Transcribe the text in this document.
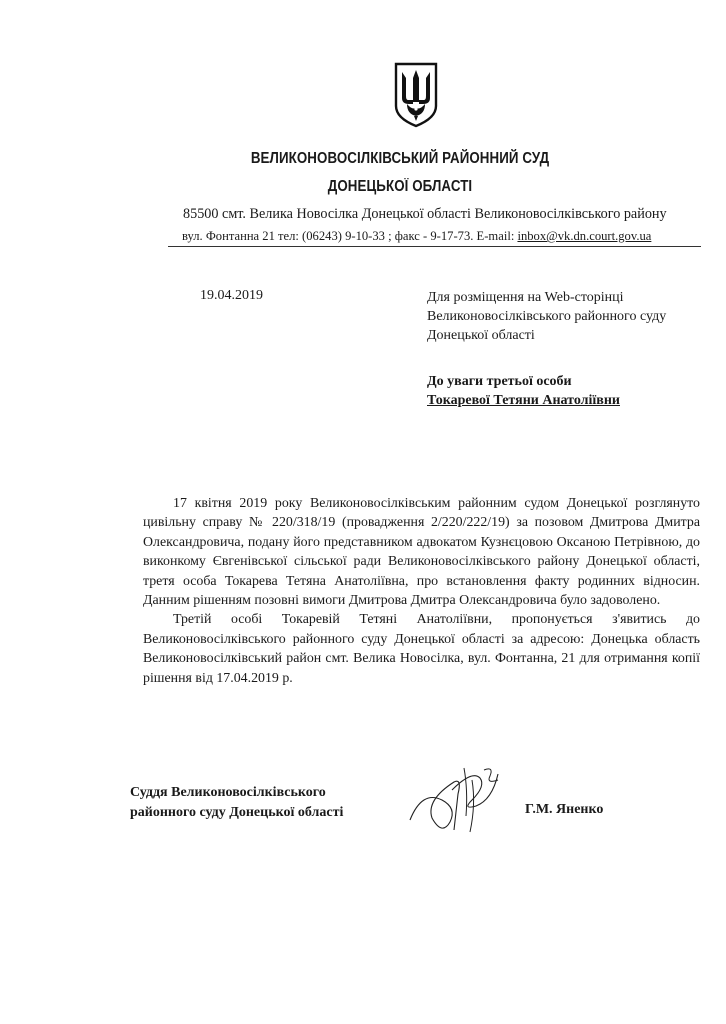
ВЕЛИКОНОВОСІЛКІВСЬКИЙ РАЙОННИЙ СУД
ДОНЕЦЬКОЇ ОБЛАСТІ
85500 смт. Велика Новосілка Донецької області Великоновосілківського району
вул. Фонтанна 21 тел: (06243) 9-10-33 ; факс - 9-17-73. E-mail: inbox@vk.dn.court.gov.ua
19.04.2019	Для розміщення на Web-сторінці
Великоновосілківського районного суду
Донецької області
До уваги третьої особи
Токаревої Тетяни Анатоліївни

17 квітня 2019 року Великоновосілківським районним судом Донецької розглянуто цивільну справу № 220/318/19 (провадження 2/220/222/19) за позовом Дмитрова Дмитра Олександровича, подану його представником адвокатом Кузнєцовою Оксаною Петрівною, до виконкому Євгенівської сільської ради Великоновосілківського району Донецької області, третя особа Токарева Тетяна Анатоліївна, про встановлення факту родинних відносин. Данним рішенням позовні вимоги Дмитрова Дмитра Олександровича було задоволено.

Третій особі Токаревій Тетяні Анатоліївни, пропонується з'явитись до Великоновосілківського районного суду Донецької області за адресою: Донецька область Великоновосілківський район смт. Велика Новосілка, вул. Фонтанна, 21 для отримання копії рішення від 17.04.2019 р.

Суддя Великоновосілківського
районного суду Донецької області	Г.М. Яненко
